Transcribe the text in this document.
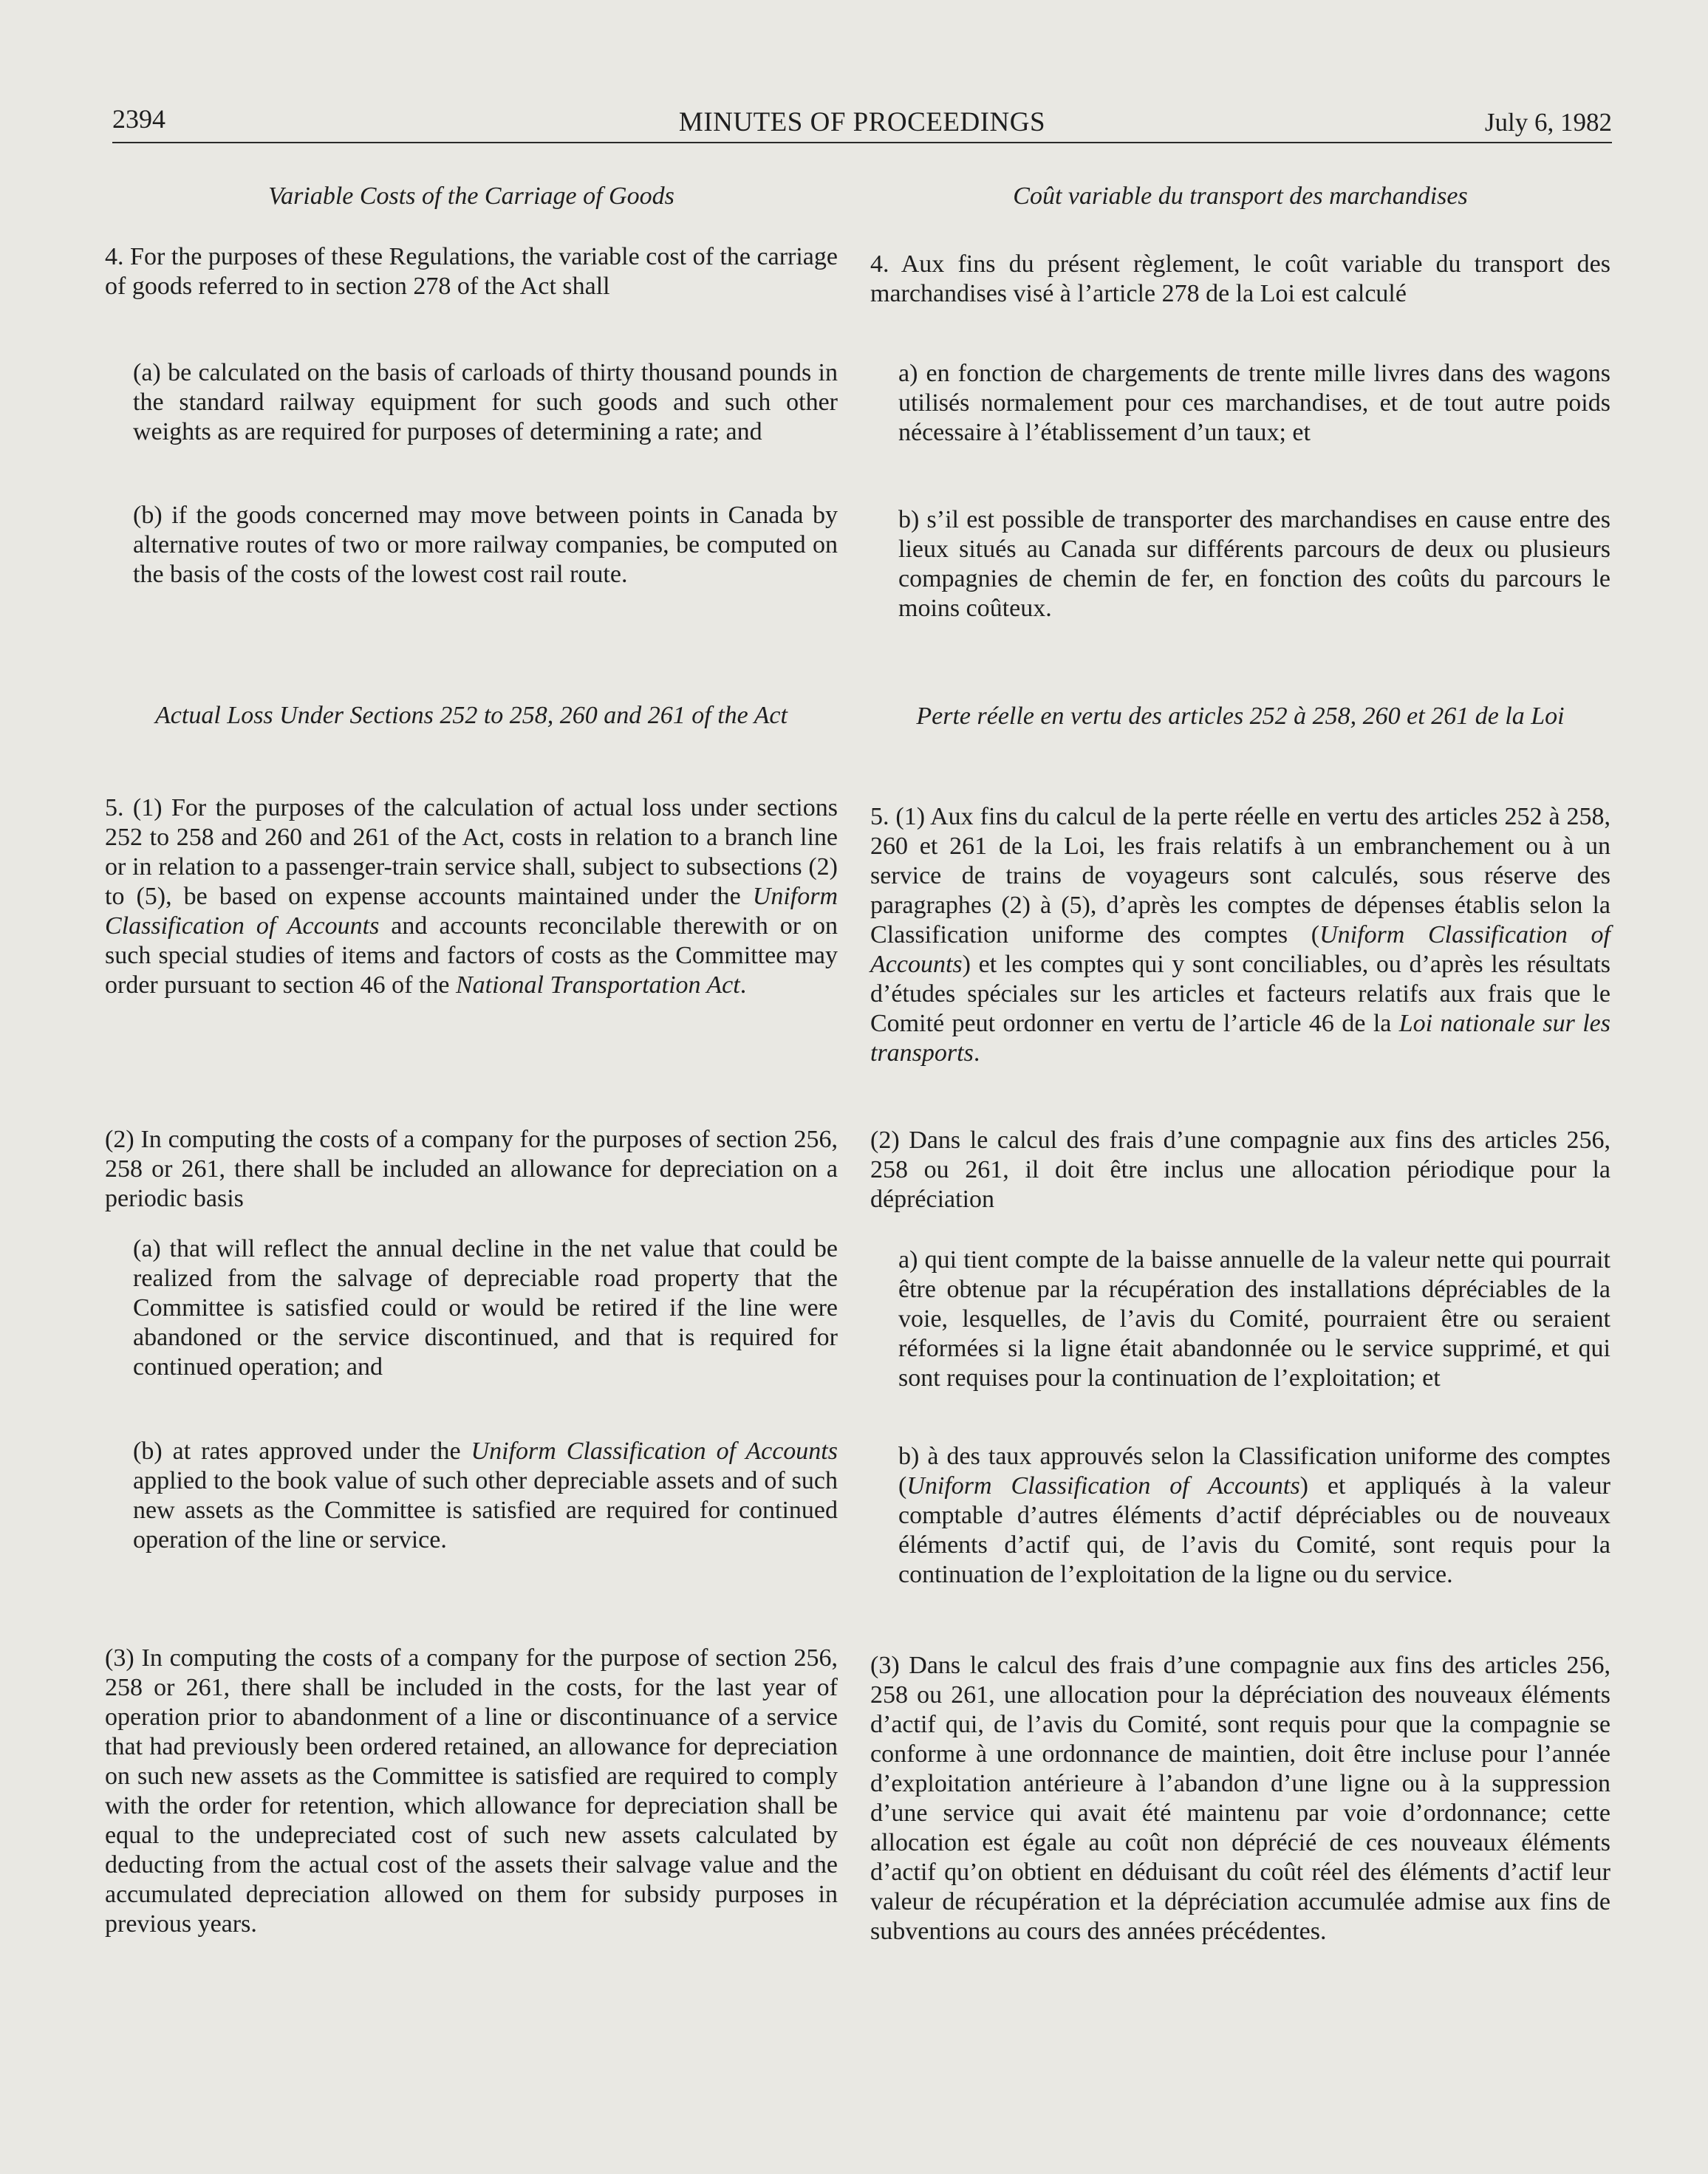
2394	MINUTES OF PROCEEDINGS	July 6, 1982

Variable Costs of the Carriage of Goods

4. For the purposes of these Regulations, the variable cost of the carriage of goods referred to in section 278 of the Act shall

(a) be calculated on the basis of carloads of thirty thousand pounds in the standard railway equipment for such goods and such other weights as are required for purposes of determining a rate; and

(b) if the goods concerned may move between points in Canada by alternative routes of two or more railway companies, be computed on the basis of the costs of the lowest cost rail route.

Actual Loss Under Sections 252 to 258, 260 and 261 of the Act

5. (1) For the purposes of the calculation of actual loss under sections 252 to 258 and 260 and 261 of the Act, costs in relation to a branch line or in relation to a passenger-train service shall, subject to subsections (2) to (5), be based on expense accounts maintained under the Uniform Classification of Accounts and accounts reconcilable therewith or on such special studies of items and factors of costs as the Committee may order pursuant to section 46 of the National Transportation Act.

(2) In computing the costs of a company for the purposes of section 256, 258 or 261, there shall be included an allowance for depreciation on a periodic basis

(a) that will reflect the annual decline in the net value that could be realized from the salvage of depreciable road property that the Committee is satisfied could or would be retired if the line were abandoned or the service discontinued, and that is required for continued operation; and

(b) at rates approved under the Uniform Classification of Accounts applied to the book value of such other depreciable assets and of such new assets as the Committee is satisfied are required for continued operation of the line or service.

(3) In computing the costs of a company for the purpose of section 256, 258 or 261, there shall be included in the costs, for the last year of operation prior to abandonment of a line or discontinuance of a service that had previously been ordered retained, an allowance for depreciation on such new assets as the Committee is satisfied are required to comply with the order for retention, which allowance for depreciation shall be equal to the undepreciated cost of such new assets calculated by deducting from the actual cost of the assets their salvage value and the accumulated depreciation allowed on them for subsidy purposes in previous years.

Coût variable du transport des marchandises

4. Aux fins du présent règlement, le coût variable du transport des marchandises visé à l’article 278 de la Loi est calculé

a) en fonction de chargements de trente mille livres dans des wagons utilisés normalement pour ces marchandises, et de tout autre poids nécessaire à l’établissement d’un taux; et

b) s’il est possible de transporter des marchandises en cause entre des lieux situés au Canada sur différents parcours de deux ou plusieurs compagnies de chemin de fer, en fonction des coûts du parcours le moins coûteux.

Perte réelle en vertu des articles 252 à 258, 260 et 261 de la Loi

5. (1) Aux fins du calcul de la perte réelle en vertu des articles 252 à 258, 260 et 261 de la Loi, les frais relatifs à un embranchement ou à un service de trains de voyageurs sont calculés, sous réserve des paragraphes (2) à (5), d’après les comptes de dépenses établis selon la Classification uniforme des comptes (Uniform Classification of Accounts) et les comptes qui y sont conciliables, ou d’après les résultats d’études spéciales sur les articles et facteurs relatifs aux frais que le Comité peut ordonner en vertu de l’article 46 de la Loi nationale sur les transports.

(2) Dans le calcul des frais d’une compagnie aux fins des articles 256, 258 ou 261, il doit être inclus une allocation périodique pour la dépréciation

a) qui tient compte de la baisse annuelle de la valeur nette qui pourrait être obtenue par la récupération des installations dépréciables de la voie, lesquelles, de l’avis du Comité, pourraient être ou seraient réformées si la ligne était abandonnée ou le service supprimé, et qui sont requises pour la continuation de l’exploitation; et

b) à des taux approuvés selon la Classification uniforme des comptes (Uniform Classification of Accounts) et appliqués à la valeur comptable d’autres éléments d’actif dépréciables ou de nouveaux éléments d’actif qui, de l’avis du Comité, sont requis pour la continuation de l’exploitation de la ligne ou du service.

(3) Dans le calcul des frais d’une compagnie aux fins des articles 256, 258 ou 261, une allocation pour la dépréciation des nouveaux éléments d’actif qui, de l’avis du Comité, sont requis pour que la compagnie se conforme à une ordonnance de maintien, doit être incluse pour l’année d’exploitation antérieure à l’abandon d’une ligne ou à la suppression d’une service qui avait été maintenu par voie d’ordonnance; cette allocation est égale au coût non déprécié de ces nouveaux éléments d’actif qu’on obtient en déduisant du coût réel des éléments d’actif leur valeur de récupération et la dépréciation accumulée admise aux fins de subventions au cours des années précédentes.
